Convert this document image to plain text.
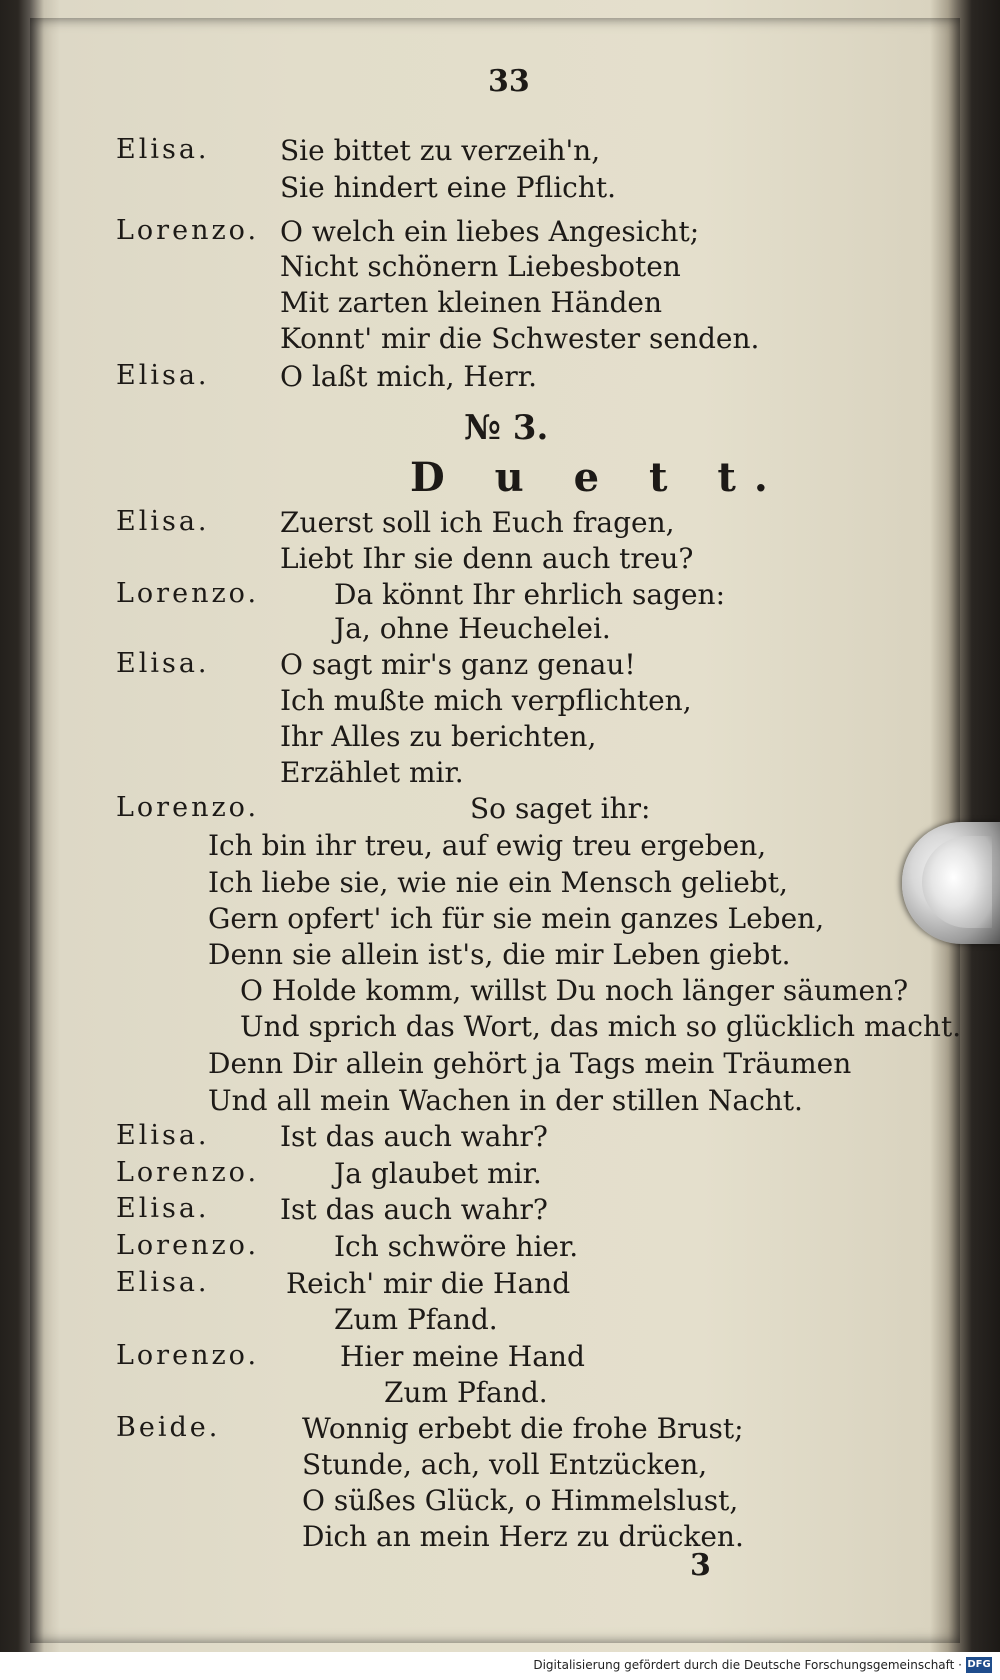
33
Elisa.	Sie bittet zu verzeih'n,
Sie hindert eine Pflicht.
Lorenzo. O welch ein liebes Angesicht;
Nicht schönern Liebesboten
Mit zarten kleinen Händen
Konnt' mir die Schwester senden.
Elisa.	O laßt mich, Herr.
№ 3.
D u e t t.
Elisa.	Zuerst soll ich Euch fragen,
Liebt Ihr sie denn auch treu?
Lorenzo.	Da könnt Ihr ehrlich sagen:
Ja, ohne Heuchelei.
Elisa.	O sagt mir's ganz genau!
Ich mußte mich verpflichten,
Ihr Alles zu berichten,
Erzählet mir.
Lorenzo.	So saget ihr:
Ich bin ihr treu, auf ewig treu ergeben,
Ich liebe sie, wie nie ein Mensch geliebt,
Gern opfert' ich für sie mein ganzes Leben,
Denn sie allein ist's, die mir Leben giebt.
O Holde komm, willst Du noch länger säumen?
Und sprich das Wort, das mich so glücklich macht.
Denn Dir allein gehört ja Tags mein Träumen
Und all mein Wachen in der stillen Nacht.
Elisa.	Ist das auch wahr?
Lorenzo.	Ja glaubet mir.
Elisa.	Ist das auch wahr?
Lorenzo.	Ich schwöre hier.
Elisa.	Reich' mir die Hand
Zum Pfand.
Lorenzo.	Hier meine Hand
Zum Pfand.
Beide.	Wonnig erbebt die frohe Brust;
Stunde, ach, voll Entzücken,
O süßes Glück, o Himmelslust,
Dich an mein Herz zu drücken.
3
Digitalisierung gefördert durch die Deutsche Forschungsgemeinschaft · DFG
